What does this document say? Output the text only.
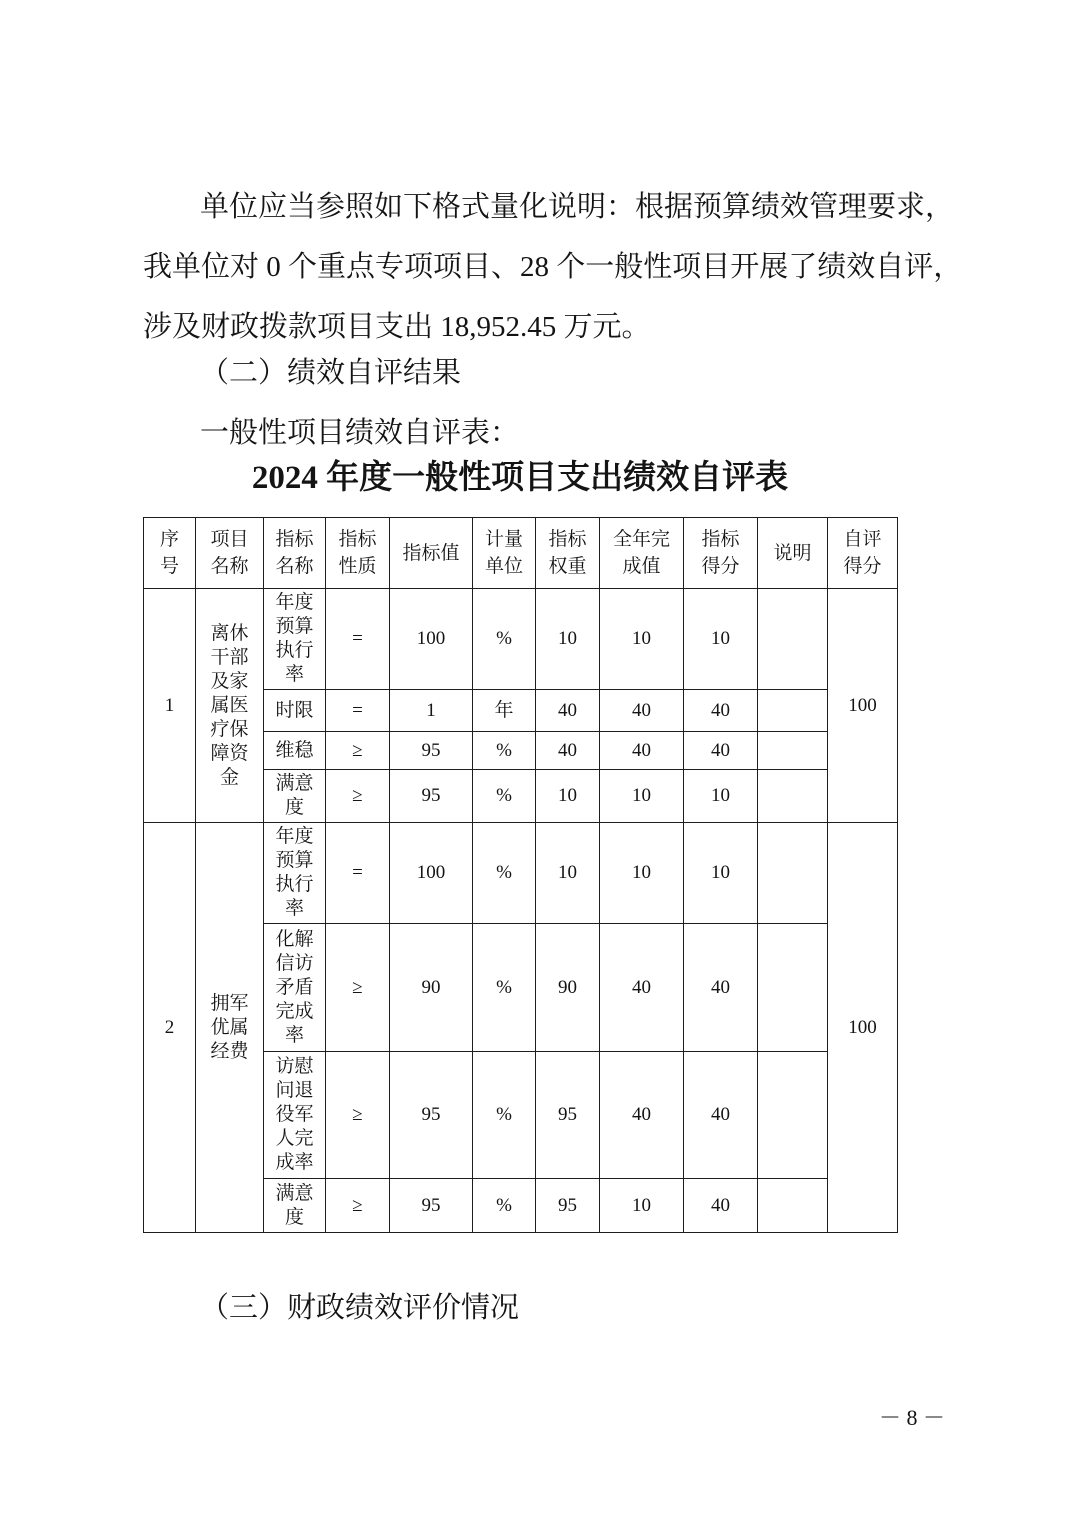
单位应当参照如下格式量化说明：根据预算绩效管理要求，
我单位对 0 个重点专项项目、28 个一般性项目开展了绩效自评，
涉及财政拨款项目支出 18,952.45 万元。
（二）绩效自评结果
一般性项目绩效自评表：
2024 年度一般性项目支出绩效自评表
序号	项目名称	指标名称	指标性质	指标值	计量单位	指标权重	全年完成值	指标得分	说明	自评得分
1	离休干部及家属医疗保障资金	年度预算执行率	=	100	%	10	10	10		100
		时限	=	1	年	40	40	40		
		维稳	≥	95	%	40	40	40		
		满意度	≥	95	%	10	10	10		
2	拥军优属经费	年度预算执行率	=	100	%	10	10	10		100
		化解信访矛盾完成率	≥	90	%	90	40	40		
		访慰问退役军人完成率	≥	95	%	95	40	40		
		满意度	≥	95	%	95	10	40		
（三）财政绩效评价情况
－ 8 －
